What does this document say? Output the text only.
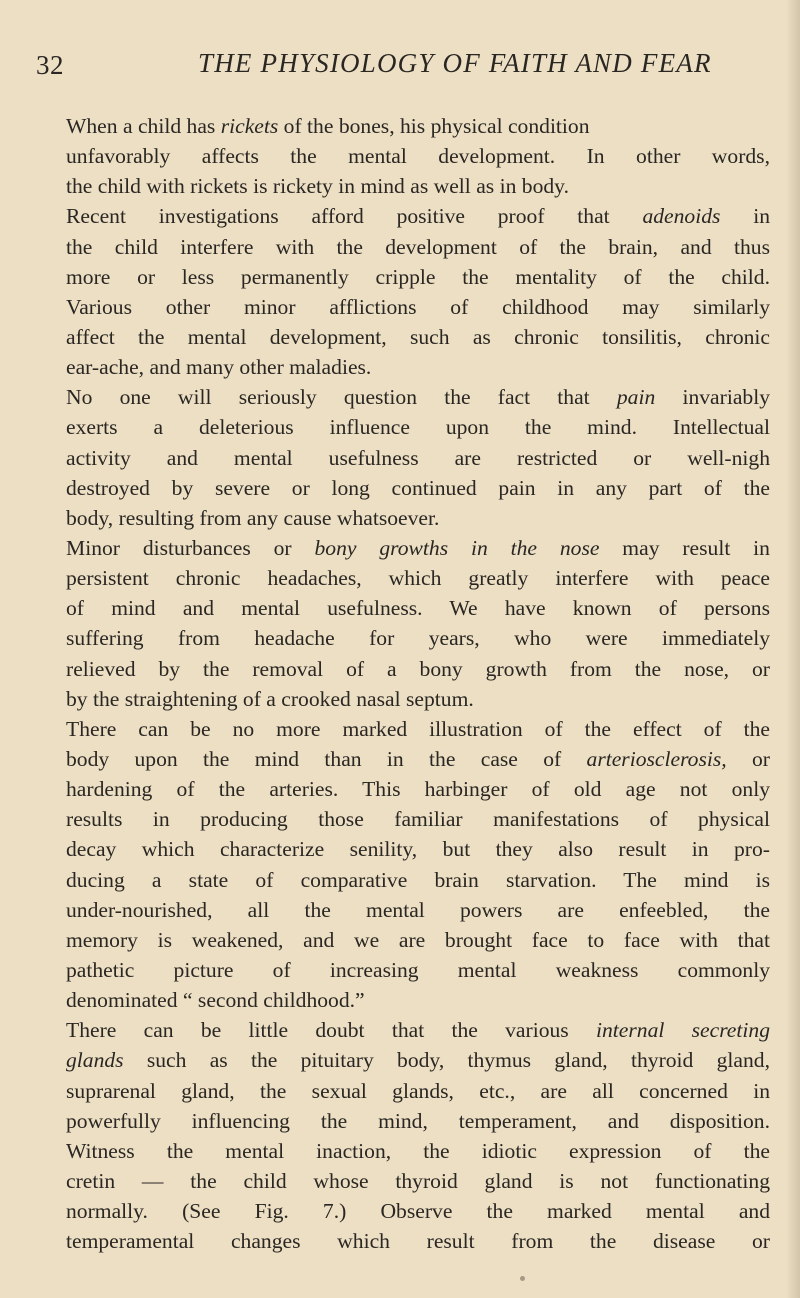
32	THE PHYSIOLOGY OF FAITH AND FEAR
When a child has rickets of the bones, his physical condition
unfavorably affects the mental development. In other words,
the child with rickets is rickety in mind as well as in body.
Recent investigations afford positive proof that adenoids in
the child interfere with the development of the brain, and thus
more or less permanently cripple the mentality of the child.
Various other minor afflictions of childhood may similarly
affect the mental development, such as chronic tonsilitis, chronic
ear-ache, and many other maladies.
No one will seriously question the fact that pain invariably
exerts a deleterious influence upon the mind. Intellectual
activity and mental usefulness are restricted or well-nigh
destroyed by severe or long continued pain in any part of the
body, resulting from any cause whatsoever.
Minor disturbances or bony growths in the nose may result in
persistent chronic headaches, which greatly interfere with peace
of mind and mental usefulness. We have known of persons
suffering from headache for years, who were immediately
relieved by the removal of a bony growth from the nose, or
by the straightening of a crooked nasal septum.
There can be no more marked illustration of the effect of the
body upon the mind than in the case of arteriosclerosis, or
hardening of the arteries. This harbinger of old age not only
results in producing those familiar manifestations of physical
decay which characterize senility, but they also result in pro-
ducing a state of comparative brain starvation. The mind is
under-nourished, all the mental powers are enfeebled, the
memory is weakened, and we are brought face to face with that
pathetic picture of increasing mental weakness commonly
denominated “ second childhood.”
There can be little doubt that the various internal secreting
glands such as the pituitary body, thymus gland, thyroid gland,
suprarenal gland, the sexual glands, etc., are all concerned in
powerfully influencing the mind, temperament, and disposition.
Witness the mental inaction, the idiotic expression of the
cretin — the child whose thyroid gland is not functionating
normally. (See Fig. 7.) Observe the marked mental and
temperamental changes which result from the disease or
